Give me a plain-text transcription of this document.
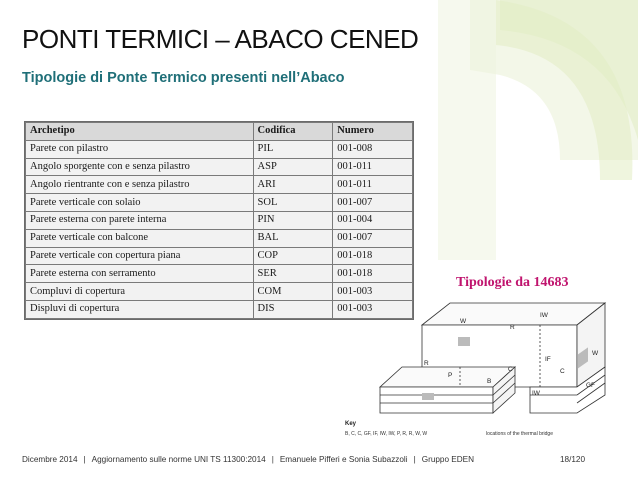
PONTI TERMICI – ABACO CENED
Tipologie di Ponte Termico presenti nell’Abaco
Archetipo	Codifica	Numero
Parete con pilastro	PIL	001-008
Angolo sporgente con e senza pilastro	ASP	001-011
Angolo rientrante con e senza pilastro	ARI	001-011
Parete verticale con solaio	SOL	001-007
Parete esterna con parete interna	PIN	001-004
Parete verticale con balcone	BAL	001-007
Parete verticale con copertura piana	COP	001-018
Parete esterna con serramento	SER	001-018
Compluvi di copertura	COM	001-003
Displuvi di copertura	DIS	001-003
Tipologie da 14683
W
R
IW
C
IF
W
C
GF
R
P
B
IW
Key
B, C, C, GF, IF, IW, IW, P, R, R, W, W	locations of the thermal bridge
Dicembre 2014 | Aggiornamento sulle norme UNI TS 11300:2014 | Emanuele Pifferi e Sonia Subazzoli | Gruppo EDEN	18/120
